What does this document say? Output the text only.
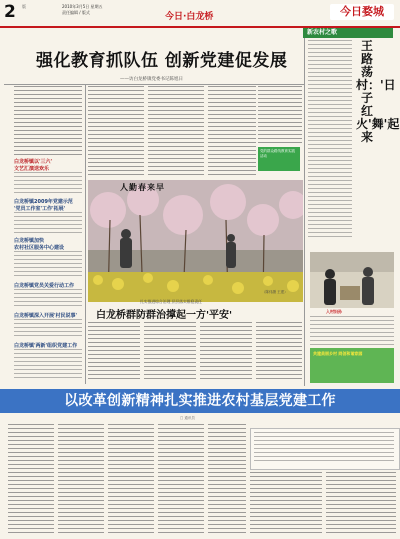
2 版	2010年3月5日 星期五
责任编辑 / 版式	今日·白龙桥	今日婺城
强化教育抓队伍 创新党建促发展
——访白龙桥镇党委书记陈旭日
党的群众路线教育实践活动
新农村之歌
王路荡村：'日子红火'舞'起来
白龙桥镇以'三六'
文艺汇演送欢乐
白龙桥镇2009年党建示范
'党员工作室'工作'拓展'
白龙桥镇加快
农村社区服务中心建设
白龙桥镇党员关爱行动工作
白龙桥镇深入开展'村民说事'
白龙桥镇'两新'组织党建工作
人勤春来早
（陈伟摄 王建）
扎实推进综合治理 层层落实维稳责任
白龙桥群防群治撑起一方'平安'	入村妇孙
共建美丽乡村 同创和谐家园
以改革创新精神扎实推进农村基层党建工作
□ 通讯员
